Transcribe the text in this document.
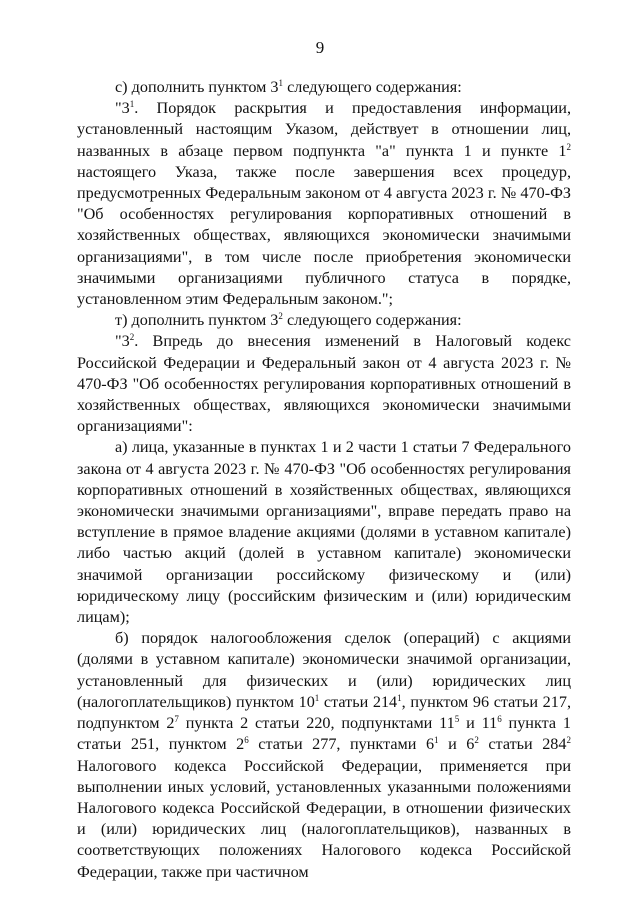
9

с) дополнить пунктом $3^1$ следующего содержания:

"$3^1$. Порядок раскрытия и предоставления информации, установленный настоящим Указом, действует в отношении лиц, названных в абзаце первом подпункта "а" пункта 1 и пункте $1^2$ настоящего Указа, также после завершения всех процедур, предусмотренных Федеральным законом от 4 августа 2023 г. № 470-ФЗ "Об особенностях регулирования корпоративных отношений в хозяйственных обществах, являющихся экономически значимыми организациями", в том числе после приобретения экономически значимыми организациями публичного статуса в порядке, установленном этим Федеральным законом.";

т) дополнить пунктом $3^2$ следующего содержания:

"$3^2$. Впредь до внесения изменений в Налоговый кодекс Российской Федерации и Федеральный закон от 4 августа 2023 г. № 470-ФЗ "Об особенностях регулирования корпоративных отношений в хозяйственных обществах, являющихся экономически значимыми организациями":

а) лица, указанные в пунктах 1 и 2 части 1 статьи 7 Федерального закона от 4 августа 2023 г. № 470-ФЗ "Об особенностях регулирования корпоративных отношений в хозяйственных обществах, являющихся экономически значимыми организациями", вправе передать право на вступление в прямое владение акциями (долями в уставном капитале) либо частью акций (долей в уставном капитале) экономически значимой организации российскому физическому и (или) юридическому лицу (российским физическим и (или) юридическим лицам);

б) порядок налогообложения сделок (операций) с акциями (долями в уставном капитале) экономически значимой организации, установленный для физических и (или) юридических лиц (налогоплательщиков) пунктом $10^1$ статьи $214^1$, пунктом 96 статьи 217, подпунктом $2^7$ пункта 2 статьи 220, подпунктами $11^5$ и $11^6$ пункта 1 статьи 251, пунктом $2^6$ статьи 277, пунктами $6^1$ и $6^2$ статьи $284^2$ Налогового кодекса Российской Федерации, применяется при выполнении иных условий, установленных указанными положениями Налогового кодекса Российской Федерации, в отношении физических и (или) юридических лиц (налогоплательщиков), названных в соответствующих положениях Налогового кодекса Российской Федерации, также при частичном
